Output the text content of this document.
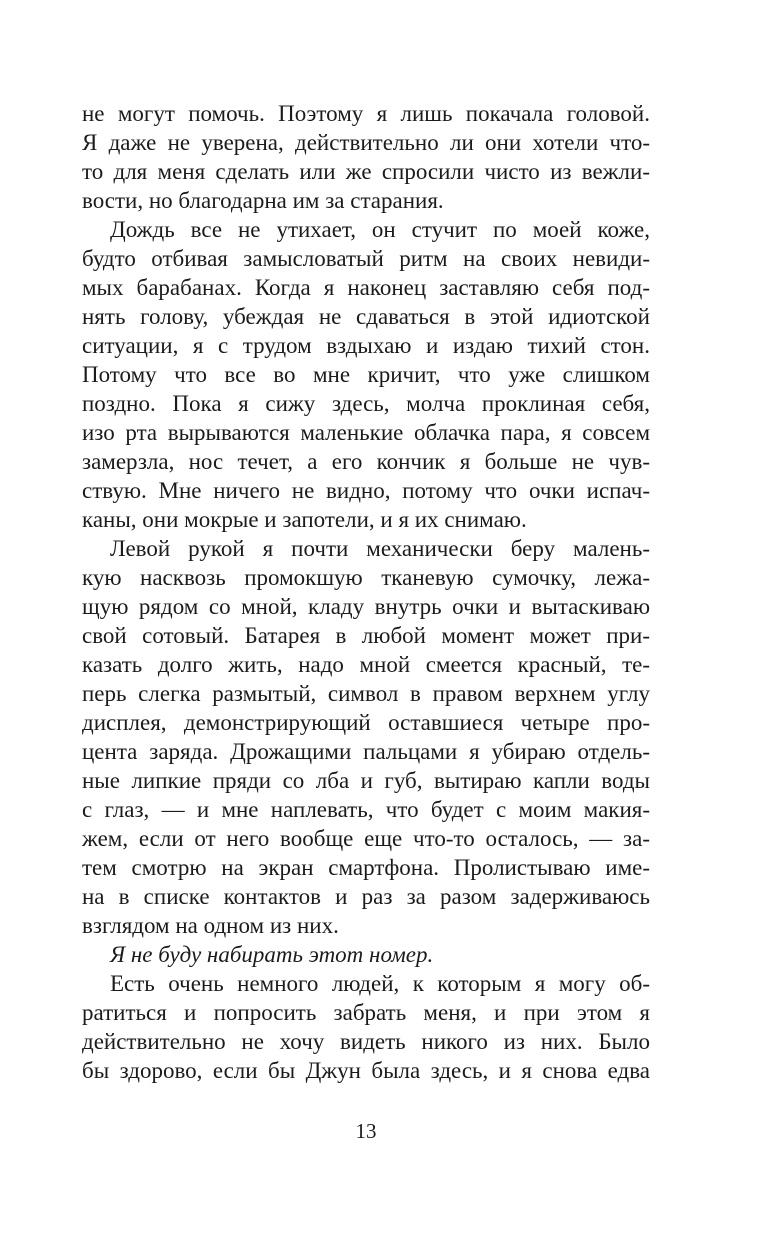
не могут помочь. Поэтому я лишь покачала головой.
Я даже не уверена, действительно ли они хотели что-
то для меня сделать или же спросили чисто из вежли-
вости, но благодарна им за старания.
Дождь все не утихает, он стучит по моей коже,
будто отбивая замысловатый ритм на своих невиди-
мых барабанах. Когда я наконец заставляю себя под-
нять голову, убеждая не сдаваться в этой идиотской
ситуации, я с трудом вздыхаю и издаю тихий стон.
Потому что все во мне кричит, что уже слишком
поздно. Пока я сижу здесь, молча проклиная себя,
изо рта вырываются маленькие облачка пара, я совсем
замерзла, нос течет, а его кончик я больше не чув-
ствую. Мне ничего не видно, потому что очки испач-
каны, они мокрые и запотели, и я их снимаю.
Левой рукой я почти механически беру малень-
кую насквозь промокшую тканевую сумочку, лежа-
щую рядом со мной, кладу внутрь очки и вытаскиваю
свой сотовый. Батарея в любой момент может при-
казать долго жить, надо мной смеется красный, те-
перь слегка размытый, символ в правом верхнем углу
дисплея, демонстрирующий оставшиеся четыре про-
цента заряда. Дрожащими пальцами я убираю отдель-
ные липкие пряди со лба и губ, вытираю капли воды
с глаз, — и мне наплевать, что будет с моим макия-
жем, если от него вообще еще что-то осталось, — за-
тем смотрю на экран смартфона. Пролистываю име-
на в списке контактов и раз за разом задерживаюсь
взглядом на одном из них.
Я не буду набирать этот номер.
Есть очень немного людей, к которым я могу об-
ратиться и попросить забрать меня, и при этом я
действительно не хочу видеть никого из них. Было
бы здорово, если бы Джун была здесь, и я снова едва
13
